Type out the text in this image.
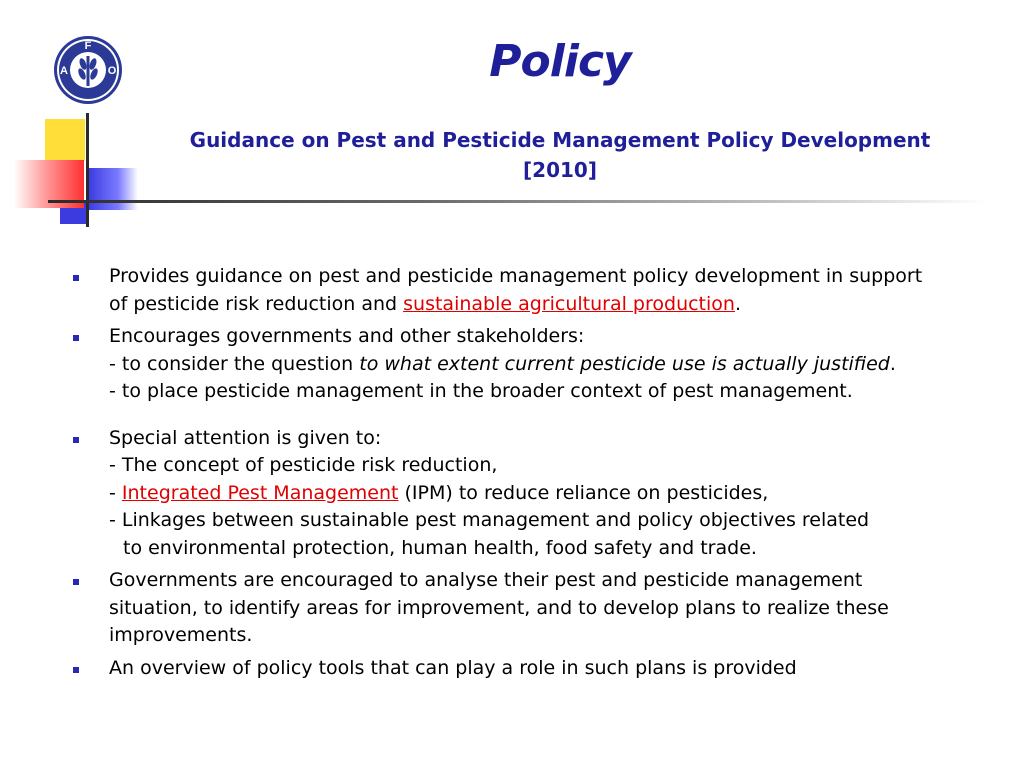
F
A	O	Policy
Guidance on Pest and Pesticide Management Policy Development
[2010]
Provides guidance on pest and pesticide management policy development in support
of pesticide risk reduction and sustainable agricultural production.
Encourages governments and other stakeholders:
- to consider the question to what extent current pesticide use is actually justified.
- to place pesticide management in the broader context of pest management.
Special attention is given to:
- The concept of pesticide risk reduction,
- Integrated Pest Management (IPM) to reduce reliance on pesticides,
- Linkages between sustainable pest management and policy objectives related
to environmental protection, human health, food safety and trade.
Governments are encouraged to analyse their pest and pesticide management
situation, to identify areas for improvement, and to develop plans to realize these
improvements.
An overview of policy tools that can play a role in such plans is provided
